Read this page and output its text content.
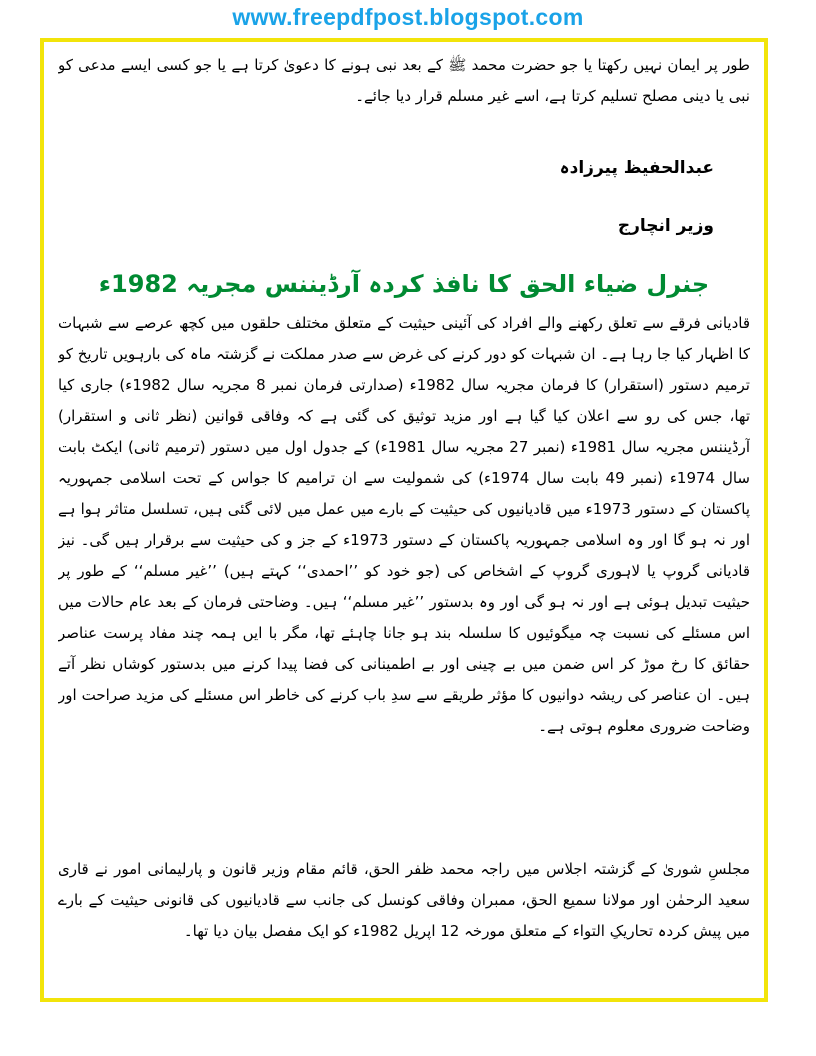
www.freepdfpost.blogspot.com

طور پر ایمان نہیں رکھتا یا جو حضرت محمد ﷺ کے بعد نبی ہونے کا دعویٰ کرتا ہے یا جو کسی ایسے مدعی کو نبی یا دینی مصلح تسلیم کرتا ہے، اسے غیر مسلم قرار دیا جائے۔

عبدالحفیظ پیرزادہ

وزیر انچارج

جنرل ضیاء الحق کا نافذ کردہ آرڈیننس مجریہ 1982ء

قادیانی فرقے سے تعلق رکھنے والے افراد کی آئینی حیثیت کے متعلق مختلف حلقوں میں کچھ عرصے سے شبہات کا اظہار کیا جا رہا ہے۔ ان شبہات کو دور کرنے کی غرض سے صدر مملکت نے گزشتہ ماہ کی بارہویں تاریخ کو ترمیم دستور (استقرار) کا فرمان مجریہ سال 1982ء (صدارتی فرمان نمبر 8 مجریہ سال 1982ء) جاری کیا تھا، جس کی رو سے اعلان کیا گیا ہے اور مزید توثیق کی گئی ہے کہ وفاقی قوانین (نظر ثانی و استقرار) آرڈیننس مجریہ سال 1981ء (نمبر 27 مجریہ سال 1981ء) کے جدول اول میں دستور (ترمیم ثانی) ایکٹ بابت سال 1974ء (نمبر 49 بابت سال 1974ء) کی شمولیت سے ان ترامیم کا جواس کے تحت اسلامی جمہوریہ پاکستان کے دستور 1973ء میں قادیانیوں کی حیثیت کے بارے میں عمل میں لائی گئی ہیں، تسلسل متاثر ہوا ہے اور نہ ہو گا اور وہ اسلامی جمہوریہ پاکستان کے دستور 1973ء کے جز و کی حیثیت سے برقرار ہیں گی۔ نیز قادیانی گروپ یا لاہوری گروپ کے اشخاص کی (جو خود کو ’’احمدی‘‘ کہتے ہیں) ’’غیر مسلم‘‘ کے طور پر حیثیت تبدیل ہوئی ہے اور نہ ہو گی اور وہ بدستور ’’غیر مسلم‘‘ ہیں۔ وضاحتی فرمان کے بعد عام حالات میں اس مسئلے کی نسبت چہ میگوئیوں کا سلسلہ بند ہو جانا چاہئے تھا، مگر با ایں ہمہ چند مفاد پرست عناصر حقائق کا رخ موڑ کر اس ضمن میں بے چینی اور بے اطمینانی کی فضا پیدا کرنے میں بدستور کوشاں نظر آتے ہیں۔ ان عناصر کی ریشہ دوانیوں کا مؤثر طریقے سے سدِ باب کرنے کی خاطر اس مسئلے کی مزید صراحت اور وضاحت ضروری معلوم ہوتی ہے۔

مجلسِ شوریٰ کے گزشتہ اجلاس میں راجہ محمد ظفر الحق، قائم مقام وزیر قانون و پارلیمانی امور نے قاری سعید الرحمٰن اور مولانا سمیع الحق، ممبران وفاقی کونسل کی جانب سے قادیانیوں کی قانونی حیثیت کے بارے میں پیش کردہ تحاریکِ التواء کے متعلق مورخہ 12 اپریل 1982ء کو ایک مفصل بیان دیا تھا۔
